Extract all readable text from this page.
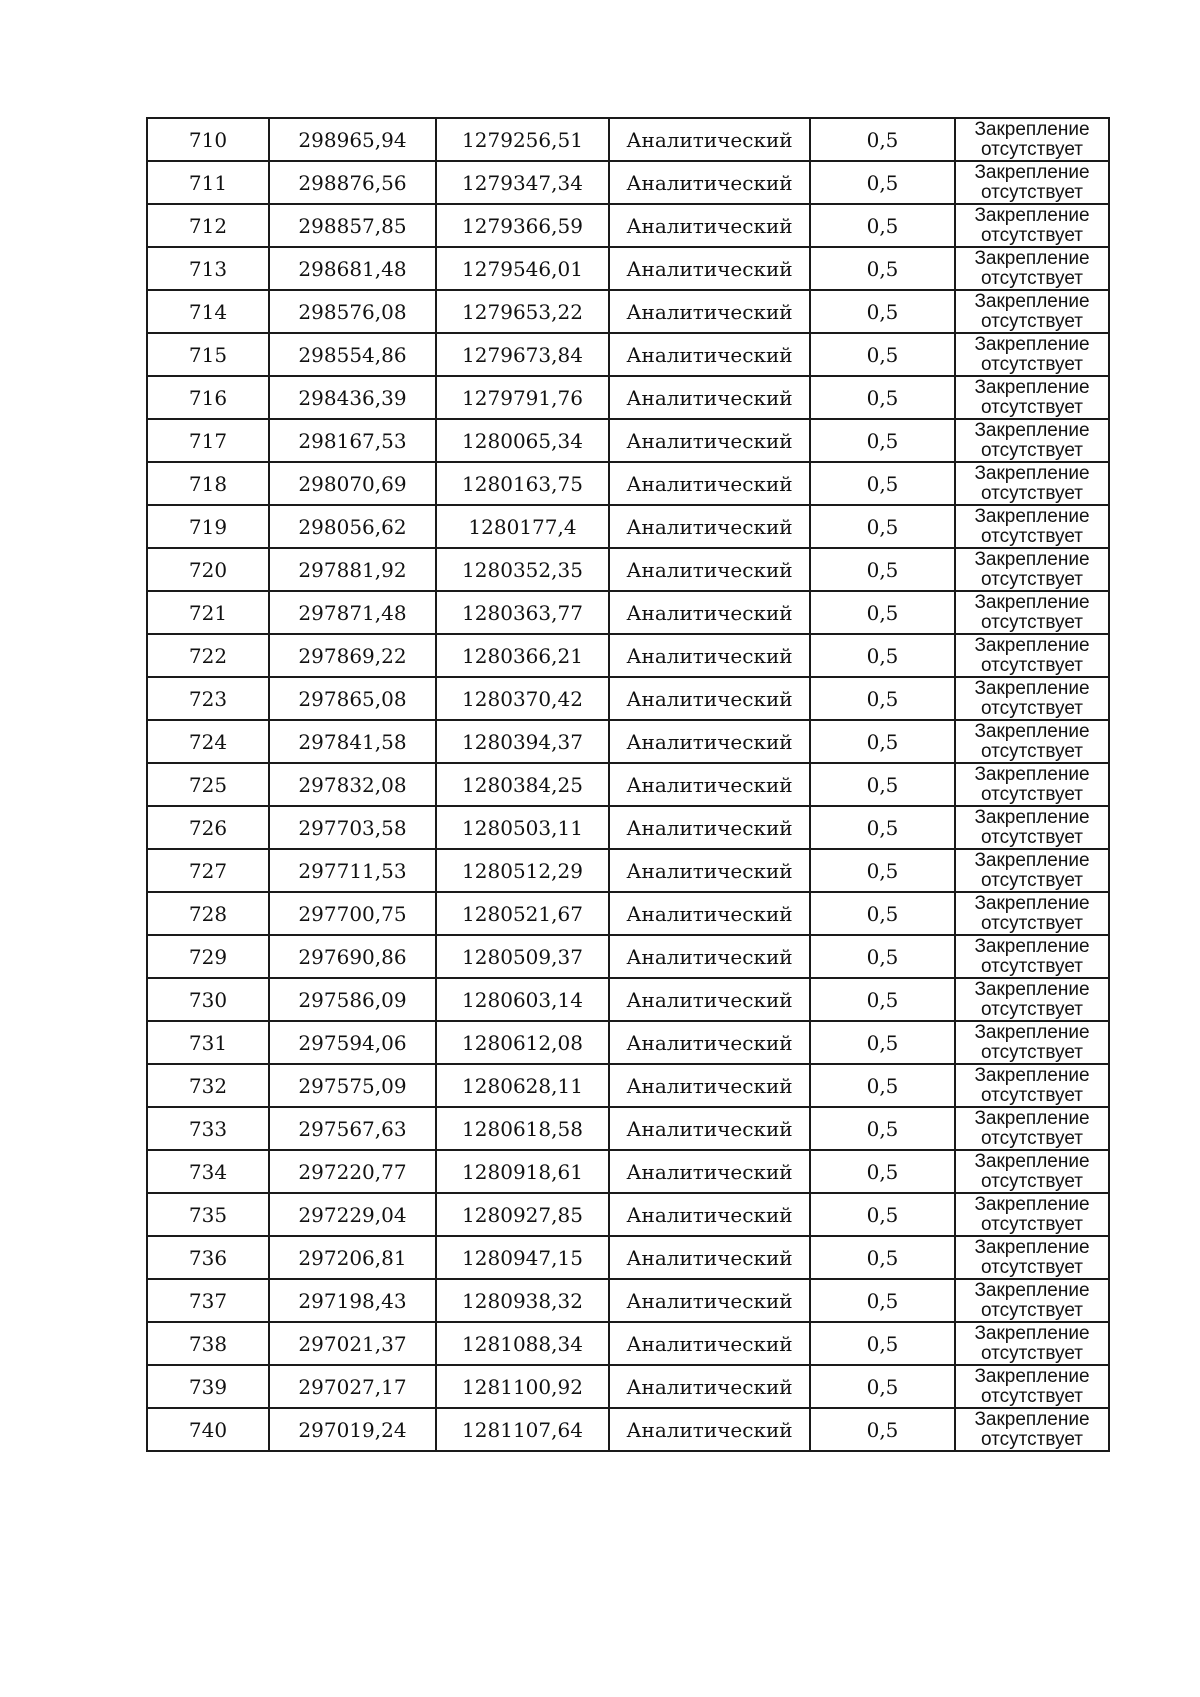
710	298965,94	1279256,51	Аналитический	0,5	Закрепление
отсутствует

711	298876,56	1279347,34	Аналитический	0,5	Закрепление
отсутствует

712	298857,85	1279366,59	Аналитический	0,5	Закрепление
отсутствует

713	298681,48	1279546,01	Аналитический	0,5	Закрепление
отсутствует

714	298576,08	1279653,22	Аналитический	0,5	Закрепление
отсутствует

715	298554,86	1279673,84	Аналитический	0,5	Закрепление
отсутствует

716	298436,39	1279791,76	Аналитический	0,5	Закрепление
отсутствует

717	298167,53	1280065,34	Аналитический	0,5	Закрепление
отсутствует

718	298070,69	1280163,75	Аналитический	0,5	Закрепление
отсутствует

719	298056,62	1280177,4	Аналитический	0,5	Закрепление
отсутствует

720	297881,92	1280352,35	Аналитический	0,5	Закрепление
отсутствует

721	297871,48	1280363,77	Аналитический	0,5	Закрепление
отсутствует

722	297869,22	1280366,21	Аналитический	0,5	Закрепление
отсутствует

723	297865,08	1280370,42	Аналитический	0,5	Закрепление
отсутствует

724	297841,58	1280394,37	Аналитический	0,5	Закрепление
отсутствует

725	297832,08	1280384,25	Аналитический	0,5	Закрепление
отсутствует

726	297703,58	1280503,11	Аналитический	0,5	Закрепление
отсутствует

727	297711,53	1280512,29	Аналитический	0,5	Закрепление
отсутствует

728	297700,75	1280521,67	Аналитический	0,5	Закрепление
отсутствует

729	297690,86	1280509,37	Аналитический	0,5	Закрепление
отсутствует

730	297586,09	1280603,14	Аналитический	0,5	Закрепление
отсутствует

731	297594,06	1280612,08	Аналитический	0,5	Закрепление
отсутствует

732	297575,09	1280628,11	Аналитический	0,5	Закрепление
отсутствует

733	297567,63	1280618,58	Аналитический	0,5	Закрепление
отсутствует

734	297220,77	1280918,61	Аналитический	0,5	Закрепление
отсутствует

735	297229,04	1280927,85	Аналитический	0,5	Закрепление
отсутствует

736	297206,81	1280947,15	Аналитический	0,5	Закрепление
отсутствует

737	297198,43	1280938,32	Аналитический	0,5	Закрепление
отсутствует

738	297021,37	1281088,34	Аналитический	0,5	Закрепление
отсутствует

739	297027,17	1281100,92	Аналитический	0,5	Закрепление
отсутствует

740	297019,24	1281107,64	Аналитический	0,5	Закрепление
отсутствует
